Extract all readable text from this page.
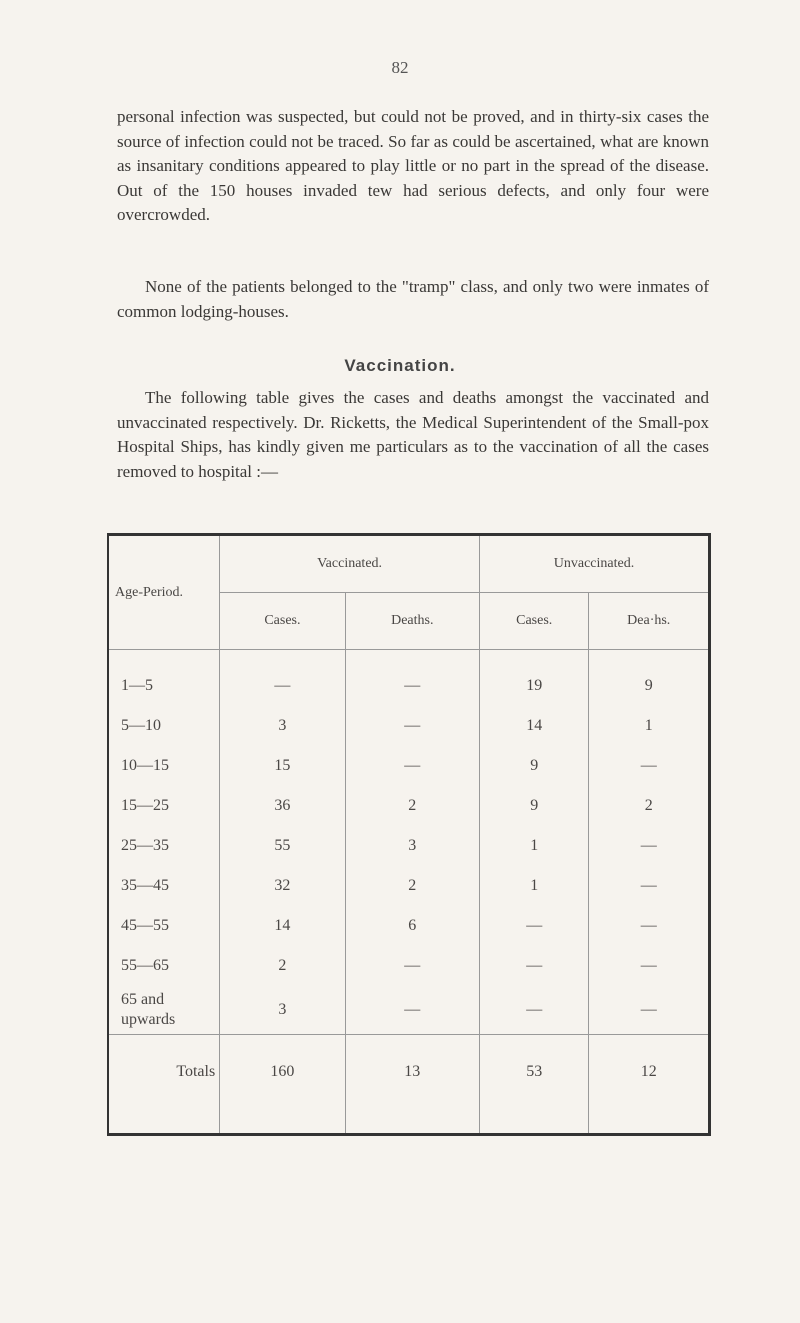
82

personal infection was suspected, but could not be proved, and in thirty-six cases the source of infection could not be traced. So far as could be ascertained, what are known as insanitary conditions appeared to play little or no part in the spread of the disease. Out of the 150 houses invaded tew had serious defects, and only four were overcrowded.

None of the patients belonged to the "tramp" class, and only two were inmates of common lodging-houses.

Vaccination.

The following table gives the cases and deaths amongst the vaccinated and unvaccinated respectively. Dr. Ricketts, the Medical Superintendent of the Small-pox Hospital Ships, has kindly given me particulars as to the vaccination of all the cases removed to hospital :—

Age-Period.	Vaccinated.		Unvaccinated.	
	Cases.	Deaths.	Cases.	Dea·hs.

1—5	—	—	19	9
5—10	3	—	14	1
10—15	15	—	9	—
15—25	36	2	9	2
25—35	55	3	1	—
35—45	32	2	1	—
45—55	14	6	—	—
55—65	2	—	—	—
65 and upwards	3	—	—	—
Totals	160	13	53	12
